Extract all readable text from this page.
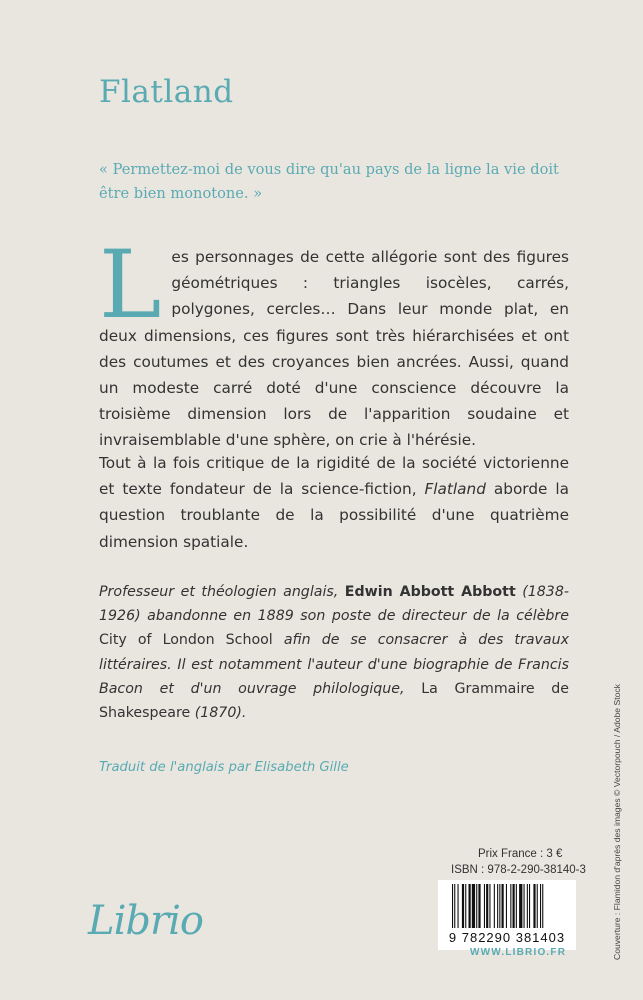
Flatland
« Permettez-moi de vous dire qu'au pays de la ligne la vie doit être bien monotone. »
Les personnages de cette allégorie sont des figures géométriques : triangles isocèles, carrés, polygones, cercles… Dans leur monde plat, en deux dimensions, ces figures sont très hiérarchisées et ont des coutumes et des croyances bien ancrées. Aussi, quand un modeste carré doté d'une conscience découvre la troisième dimension lors de l'apparition soudaine et invraisemblable d'une sphère, on crie à l'hérésie.
Tout à la fois critique de la rigidité de la société victorienne et texte fondateur de la science-fiction, Flatland aborde la question troublante de la possibilité d'une quatrième dimension spatiale.
Professeur et théologien anglais, Edwin Abbott Abbott (1838-1926) abandonne en 1889 son poste de directeur de la célèbre City of London School afin de se consacrer à des travaux littéraires. Il est notamment l'auteur d'une biographie de Francis Bacon et d'un ouvrage philologique, La Grammaire de Shakespeare (1870).
Traduit de l'anglais par Elisabeth Gille
Prix France : 3 €
ISBN : 978-2-290-38140-3
9 782290 381403
Librio
WWW.LIBRIO.FR	Couverture : Flamidon d'après des images © Vectorpouch / Adobe Stock
